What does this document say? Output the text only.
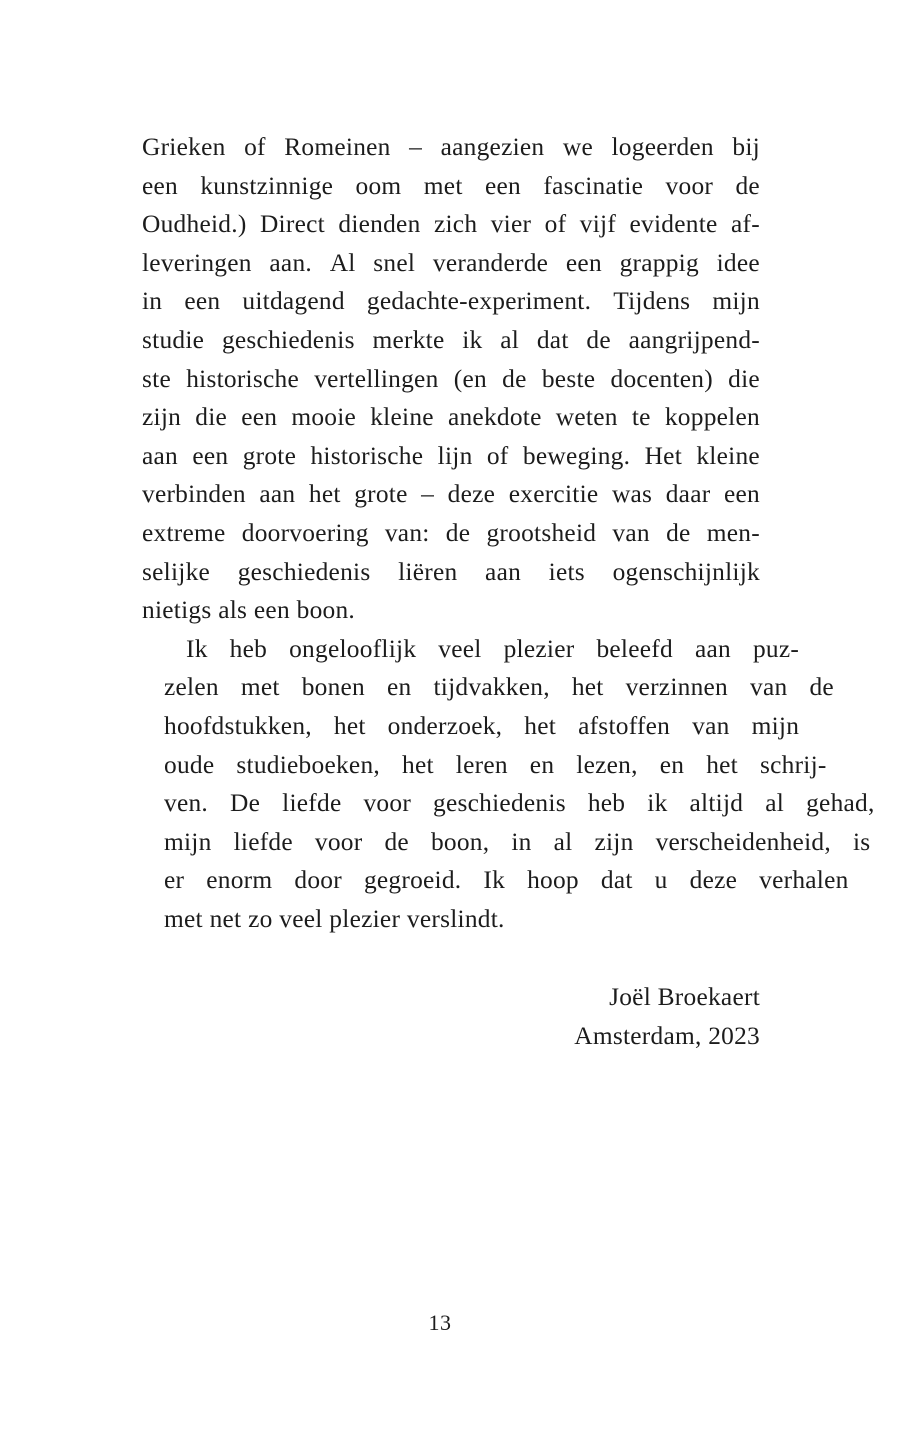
Grieken of Romeinen – aangezien we logeerden bij
een kunstzinnige oom met een fascinatie voor de
Oudheid.) Direct dienden zich vier of vijf evidente af-
leveringen aan. Al snel veranderde een grappig idee
in een uitdagend gedachte-experiment. Tijdens mijn
studie geschiedenis merkte ik al dat de aangrijpend-
ste historische vertellingen (en de beste docenten) die
zijn die een mooie kleine anekdote weten te koppelen
aan een grote historische lijn of beweging. Het kleine
verbinden aan het grote – deze exercitie was daar een
extreme doorvoering van: de grootsheid van de men-
selijke geschiedenis liëren aan iets ogenschijnlijk
nietigs als een boon.

Ik heb ongelooflijk veel plezier beleefd aan puz-
zelen met bonen en tijdvakken, het verzinnen van de
hoofdstukken, het onderzoek, het afstoffen van mijn
oude studieboeken, het leren en lezen, en het schrij-
ven. De liefde voor geschiedenis heb ik altijd al gehad,
mijn liefde voor de boon, in al zijn verscheidenheid, is
er enorm door gegroeid. Ik hoop dat u deze verhalen
met net zo veel plezier verslindt.

Joël Broekaert
Amsterdam, 2023
13
